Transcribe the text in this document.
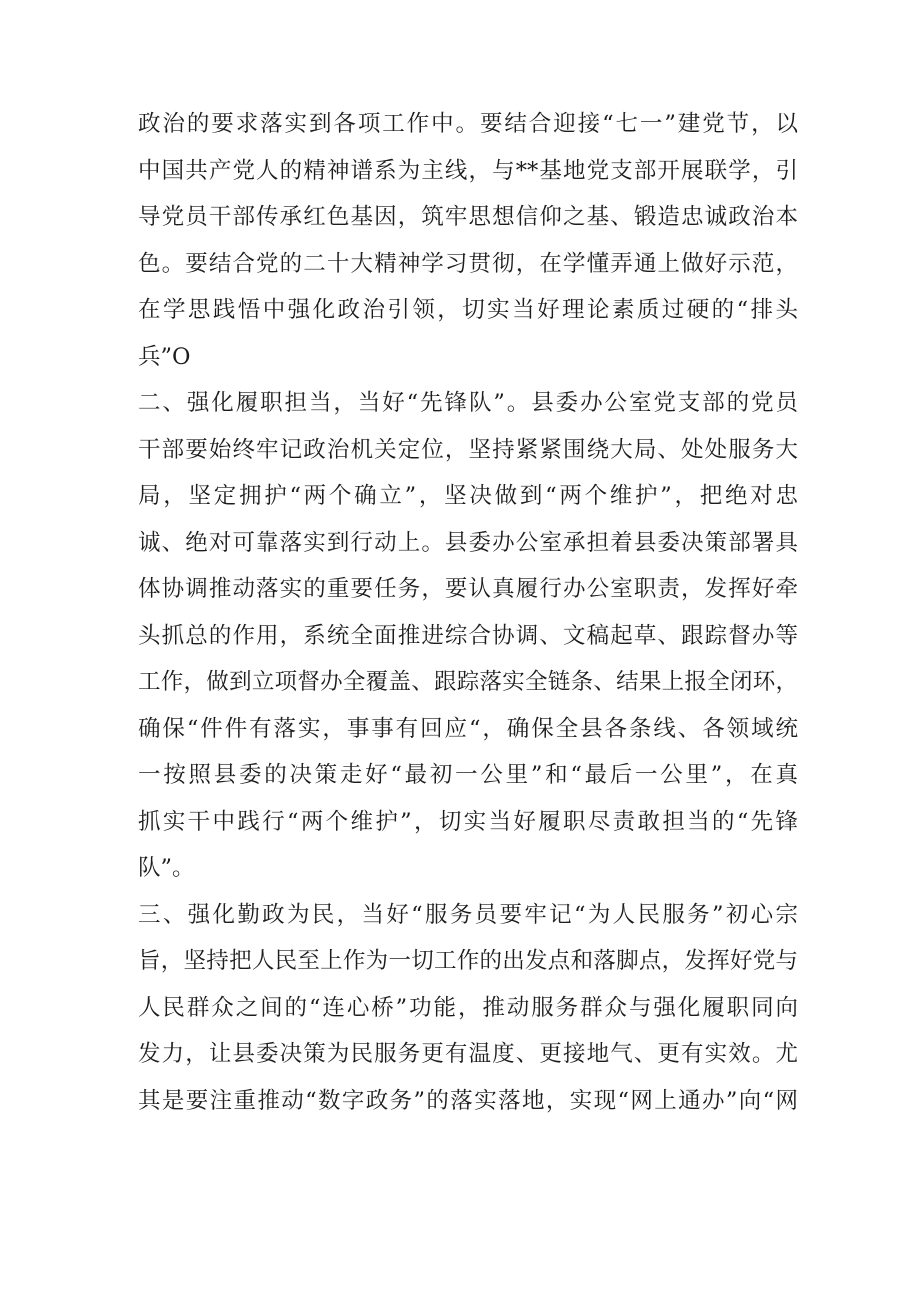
政治的要求落实到各项工作中。要结合迎接“七一”建党节，以
中国共产党人的精神谱系为主线，与**基地党支部开展联学，引
导党员干部传承红色基因，筑牢思想信仰之基、锻造忠诚政治本
色。要结合党的二十大精神学习贯彻，在学懂弄通上做好示范，
在学思践悟中强化政治引领，切实当好理论素质过硬的“排头
兵”O
二、强化履职担当，当好“先锋队”。县委办公室党支部的党员
干部要始终牢记政治机关定位，坚持紧紧围绕大局、处处服务大
局，坚定拥护“两个确立”，坚决做到“两个维护”，把绝对忠
诚、绝对可靠落实到行动上。县委办公室承担着县委决策部署具
体协调推动落实的重要任务，要认真履行办公室职责，发挥好牵
头抓总的作用，系统全面推进综合协调、文稿起草、跟踪督办等
工作，做到立项督办全覆盖、跟踪落实全链条、结果上报全闭环，
确保“件件有落实，事事有回应“，确保全县各条线、各领域统
一按照县委的决策走好“最初一公里”和“最后一公里”，在真
抓实干中践行“两个维护”，切实当好履职尽责敢担当的“先锋
队”。
三、强化勤政为民，当好“服务员要牢记“为人民服务”初心宗
旨，坚持把人民至上作为一切工作的出发点和落脚点，发挥好党与
人民群众之间的“连心桥”功能，推动服务群众与强化履职同向
发力，让县委决策为民服务更有温度、更接地气、更有实效。尤
其是要注重推动“数字政务”的落实落地，实现“网上通办”向“网
